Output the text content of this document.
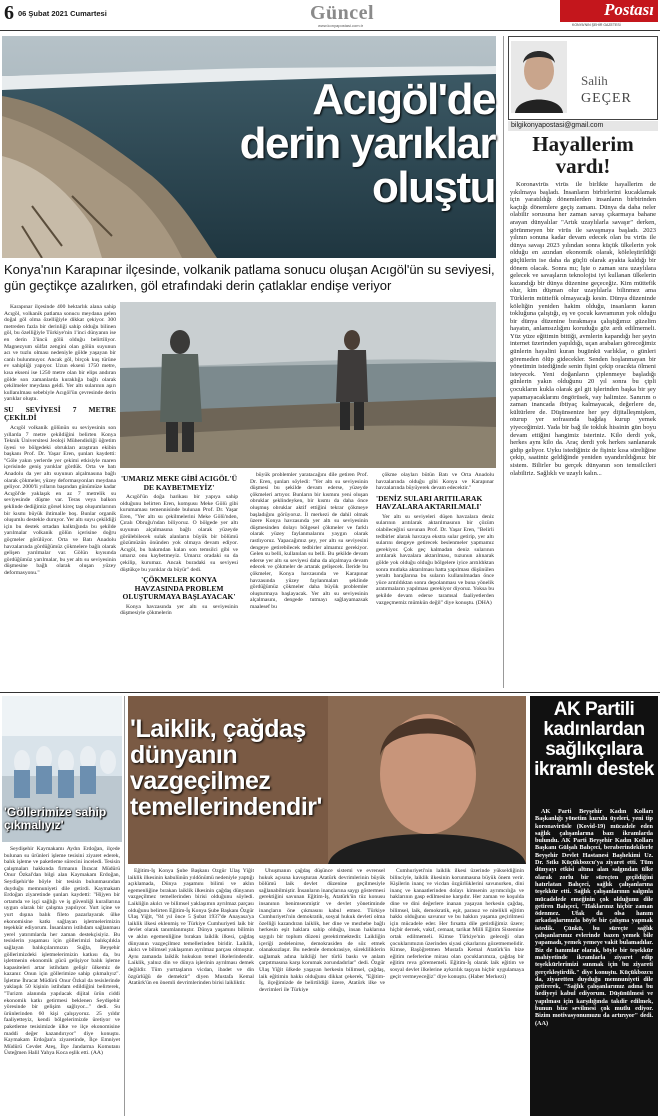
6 06 Şubat 2021 Cumartesi	Güncel
www.konyapostasi.com.tr
Postası
KONYA'NIN ŞEHİR GAZETESİ
Acıgöl'de
derin yarıklar
oluştu
Konya'nın Karapınar ilçesinde, volkanik patlama sonucu oluşan Acıgöl'ün su seviyesi, gün geçtikçe azalırken, göl etrafındaki derin çatlaklar endişe veriyor

Karapınar ilçesinde 400 hektarlık alana sahip Acıgöl, volkanik patlama sonucu meydana gelen doğal göl olma özelliğiyle dikkat çekiyor. 300 metreden fazla bir derinliği sahip olduğu bilinen göl, bu özelliğiyle Türkiye'nin 1'inci dünyanın ise en derin 3'üncü gölü olduğu belirtiliyor. Magnezyum sülfat zengini olan gölün suyunun acı ve tuzlu olması nedeniyle gölde yaşayan bir canlı bulunmuyor. Ancak göl, birçok kuş türüne ev sahipliği yapıyor. Uzun ekseni 1750 metre, kısa ekseni ise 1250 metre olan bir elips andıran gölde son zamanlarda kuraklığa bağlı olarak çekilmeler meydana geldi. Yer altı sularının aşırı kullanılması sebebiyle Acıgöl'ün çevresinde derin yarıklar oluştu.

SU SEVİYESİ 7 METRE ÇEKİLDİ

Acıgöl volkanik gölünün su seviyesinin son yıllarda 7 metre çekildiğini belirten Konya Teknik Üniversitesi Jeoloji Mühendisliği öğretim üyesi ve bölgedeki obrukları araştıran ekibin başkanı Prof. Dr. Yaşar Eren, şunları kaydetti: "Göle yakın yerlerde yer çekimi etkisiyle maren içerisinde geniş yarıklar gördük. Orta ve batı Anadolu da yer altı suyunun alçalmasına bağlı olarak çökmeler, yüzey deformasyonları meydana geliyor. 2000'li yılların başından günümüze kadar Acıgöl'de yaklaşık en az 7 metrelik su seviyesinde düşme var. Teras veya balkon şeklinde dediğimiz görsel kireç taşı oluşumlarının bir kısmı büyük ihtimalle boş. Bunlar organik oluşumlu destekle duruyor. Yer altı suyu çekildiği için bu destek ortadan kalktığında bu şekilde yarılmalar volkanik gölün içerisine doğru göçmeler görülüyor. Orta ve Batı Anadolu havzalarında gördüğümüz çökmelere bağlı olarak gelişen yarılmalar var. Gölün kıyısında gördüğümüz yarılmalar, bu yer altı su seviyesinin düşmesine bağlı olarak oluşan yüzey deformasyonu."

'UMARIZ MEKE GİBİ ACIGÖL'Ü DE KAYBETMEYİZ'

Acıgöl'ün doğa harikası bir yapıya sahip olduğunu belirten Eren, komşusu Meke Gölü gibi kurumaması temennisinde bulunan Prof. Dr. Yaşar Eren, "Yer altı su çekilmelerini Meke Gölü'nden, Çıralı Obruğu'ndan biliyoruz. O bölgede yer altı suyunun alçalmasına bağlı olarak yüzeyde görülebilecek sulak alanların büyük bir bölümü gözümüzün önünden yok olmaya devam ediyor. Acıgöl, bu bakımdan kalan son temsilci gibi ve umarız onu kaybetmeyiz. Umarız oradaki su da çekilip, kurumaz. Ancak buradaki su seviyesi düştükçe bu yarıklar da büyür" dedi.

'ÇÖKMELER KONYA HAVZASINDA PROBLEM OLUŞTURMAYA BAŞLAYACAK'

Konya havzasında yer altı su seviyesinin düşmesiyle çökmelerin

büyük problemler yaratacağını dile getiren Prof. Dr. Eren, şunları söyledi: "Yer altı su seviyesinin düşmesi bu şekilde devam ederse, yüzeyde çökmeleri artıyor. Bunların bir kısmını yeni oluşan obruklar şeklindeyken, bir kısmı da daha önce oluşmuş obruklar aktif ettiğini tekrar çökmeye başladığını görüyoruz. İl merkezi de dahil olmak üzere Konya havzasında yer altı su seviyesinin düşmesinden dolayı bölgesel çökmeler ve farklı olarak yüzey faylanmalarını yaygın olarak rastlıyoruz. Yapacağımız şey, yer altı su seviyesini dengeye getirebilecek tedbirler almamız gerekiyor. Gelen su belli, kullanılan su belli. Bu şekilde devam ederse yer altı su seviyesi daha da alçalmaya devam edecek ve çökmeler de artarak gelişecek. İleride bu çökmeler, Konya havzasında ve Karapınar havzasında yüzey faylanmaları şeklinde gördüğümüz çökmeler daha büyük problemler oluşturmaya başlayacak. Yer altı su seviyesinin alçalmasını, dengede tutmayı sağlayamazsak maalesef bu

çökme olayları bütün Batı ve Orta Anadolu havzalarında olduğu gibi Konya ve Karapınar havzalarında büyüyerek devam edecektir."

'DENİZ SULARI ARITILARAK HAVZALARA AKTARILMALI'

Yer altı su seviyeleri düşen havzalara deniz sularının arıtılarak aktarılmasının bir çözüm olabileceğini savunan Prof. Dr. Yaşar Eren, "Belirli tedbirler alarak havzaya ekstra sular getirip, yer altı sularını dengeye getirecek beslenmeler yapmamız gerekiyor. Çok geç kalmadan deniz sularının arıtılarak havzalara aktarılması, tuzunun alınarak gölde yok olduğu olduğu bölgelere iyice arıtıldıktan sonra mutlaka aktarılması hatta yapılması düşünülen yeraltı barajlarına bu suların kullanılmadan önce yüce arıtıldıktan sonra depolanması ve buna yönelik aratırmaların yapılması gerekiyor diyoruz. Yoksa bu şekilde devam ederse taramsal faaliyetlerden vazgeçmemiz mümkün değil" diye konuştu. (DHA)

Salih
GEÇER
bilgikonyapostasi@gmail.com
Hayallerim vardı!

Koronavirüs virüs ile birlikte hayallerim de yıkılmaya başladı. İnsanların birbirlerini kucaklamak için yaratıldığı dönemlerden insanların birbirinden kaçtığı dönemlere geçiş zamanı. Dünya da daha neler olabilir sorusuna her zaman savaş çıkarmaya bahane arayan dünyalılar "Artık uzaylılarla savaşır" derken, görünmeyen bir virüs ile savaşmaya başladı. 2023 yılının sonuna kadar devam edecek olan bu virüs ile dünya savaşı 2023 yılından sonra küçük ülkelerin yok olduğu en azından ekonomik olarak, köleleştirildiği güçlülerin ise daha da güçlü olarak ayakta kaldığı bir dönem olacak. Sonra mı; İşte o zaman sıra uzaylılara gelecek ve savaşların teknolojisi iyi kullanan ülkelerin kazandığı bir dünya düzenine geçeceğiz. Kim müttefik olur, kim düşman olur uzaylılarla bilinmez ama Türklerin müttefik olmayacağı kesin. Dünya düzeninde köleliğin yeniden hakim olduğu, insanların kanın tokluğuna çalıştığı, eş ve çocuk kavramının yok olduğu bir dünya düzenine bırakmaya çalıştığımız güzelim hayatın, anlamsızlığını koruduğu göz ardı edilmemeli. Yüz yüze eğitimin bittiği, avmlerin kapandığı her şeyin internet üzerinden yapıldığı, uçan arabaları göreceğimiz günlerin hayalini kuran bugünkü varlıklar, o günleri göremeden ölüp gidecekler. Senden hoşlanmayan bir yönetimin istediğinde senin fişini çekip oracıkta ölmeni isteyecek. Yeni doğanların çiplenmeye başladığı günlerin yakın olduğunu 20 yıl sonra bu çipli çocukların kukla olarak gel git işlerinden başka bir şey yapamayacaklarını öngörüsek, vay halimize. Sanırım o zaman inancada ibtiyaç kalmayacak, değerlere de, kültürlere de. Düşünsenize her şey dijitalleşmişken, oturup yer sofrasında bağdaş kurup yemek yiyeceğimizi. Yada bir bağ ile tokluk hissinin gün boyu devam ettiğini hangimiz isteriniz. Kilo derdi yok, herkes aynı kilo da. Araç derdi yok herkes sanlanarak gidip geliyor. Uyku istediğiniz de fişiniz kısa süreliğine çekip, saatiniz geldiğinde yeniden uyandırıldığınız bir sistem. Bilirler bu gerçek dünyanın son temsilcileri olabiliriz. Sağlıklı ve uzaylı kalın...

'Göllerimize sahip çıkmalıyız'

Seydişehir Kaymakamı Aydın Erdoğan, ilçede bulunan su ürünleri işleme tesisini ziyaret ederek, balık işleme ve paketleme sürecini inceledi. Tesisin çalışmaları hakkında firmanın İhracat Müdürü Onur Özkal'dan bilgi alan Kaymakam Erdoğan, Seydişehir'de böyle bir tesisin bulunmasından duyduğu memnuniyeti dile getirdi. Kaymakam Erdoğan ziyaretinde şunları kaydetti: "Hijyen bir ortamda ve işçi sağlığı ve iş güvenliği kurallarına uygun olarak bir çalışma yapılıyor. Yurt içine ve yurt dışına balık fileto pazarlayarak ülke ekonomisine katkı sağlayan işletmelerimizin teşekkür ediyorum. İnsanların istihdam sağlanması yerel yatırımlarda her zaman destekçisiyiz. Bu tesislerin yaşaması için göllerimizi balıkçılıkla sağlayan balıkçılarımızın Suğla, Beyşehir göllerimizdeki işletmelerimizin katkısı da, bu işletmenin ekonomik gücü gelişiyor balık işleme kapasiteleri artar istihdam gelişir ülkemiz de kazanır. Onun için göllerimize sahip çıkmalıyız". İşletme İhracat Müdürü Onur Özkal da tesislerinde yaklaşık 50 kişinin istihdam edildiğini belirterek, "Turizm alanında yapılacak dijital ürün ciddi ekonomik katkı getirmesi beklenen Seydişehir yöresinde bir gelişim sağlıyor..." dedi. Su ürünlerinden 60 kişi çalışıyoruz. 25 yıldır faaliyetteyiz, kendi bölgelerimizde üretiyor ve paketleme tesisimizde ülke ve ilçe ekonomisine maddi değer kazandırıyor" diye konuştu. Kaymakam Erdoğan'a ziyaretinde, İlçe Emniyet Müdürü Cevdet Ateş, İlçe Jandarma Komutanı Üsteğmen Halil Yahya Koca eşlik etti. (AA)

'Laiklik, çağdaş dünyanın vazgeçilmez temellerindendir'

Eğitim-İş Konya Şube Başkanı Özgür Ulaş Yiğit laiklik ilkesinin kabulünün yıldönümü nedeniyle yaptığı açıklamada, Dünya yaşamını bilimi ve aklın egemenliğine bırakan laiklik ilkesinin çağdaş dünyanın vazgeçilmez temellerinden birisi olduğunu söyledi. Laikliğin akılcı ve bilimsel yaklaşımın ayrılmaz parçası olduğunu belirten Eğitim-İş Konya Şube Başkanı Özgür Ulaş Yiğit, "84 yıl önce 5 Şubat 1937'de Anayasa'ya laiklik ilkesi eklenmiş ve Türkiye Cumhuriyeti laik bir devlet olarak tanımlanmıştır. Dünya yaşamını bilimin ve aklın egemenliğine bırakan laiklik ilkesi, çağdaş dünyanın vazgeçilmez temellerinden biridir. Laiklik, akılcı ve bilimsel yaklaşımın ayrılmaz parçası olmuştur. Aynı zamanda laiklik hukukun temel ilkelerindendir. Laiklik, yalnız din ve dünya işlerinin ayrılması demek değildir. Tüm yurttaşların vicdan, ibadet ve din özgürlüğü de demektir" diyen Mustafa Kemal Atatürk'ün en önemli devrimlerinden birisi laikliktir.

Uhuşmanın çağdaş düşünce sistemi ve evrensel hukuk açısına kavuşturan Atatürk devrimlerinin büyük bölümü laik devlet düzenine geçilmesiyle sağlanabilmiştir. İnsanların inançlarına saygı göstermesi gerektiğini savunan Eğitim-İş, Atatürk'ün tüz konusu insanının benimsenmiştir ve devlet yönetiminde inançların öne çıkmasını kabul etmez. Türkiye Cumhuriyeti'nin demokratik, sosyal hukuk devleti olma özelliği kazandıran laiklik, her dine ve mezhebe bağlı herkesin eşit haklara sahip olduğu, insan haklarına saygılı bir toplum düzeni gerektirmektedir. Laikliğin içeriği zedelenirse, demokrasiden de söz etmek olanaksızlaşır. Bu nedenle demokrasiye, sürekliliklerin sağlamak adına laikliği her türlü baskı ve anlam çarpıtmasına karşı korumak zorundadırlar" dedi. Özgür Ulaş Yiğit ülkede yaşayan herkesin bilimsel, çağdaş, laik eğitimin hakkı olduğunu dikkat çekerek, "Eğitim-İş, ilçeğimizde de belirtildiği üzere, Atatürk ilke ve devrimleri ile Türkiye

Cumhuriyeti'nin laiklik ilkesi üzerinde yükseldiğinin bilinciyle, laiklik ilkesinin korunmasına büyük önem verir. Kişilerin inanç ve vicdan özgürlüklerini savunurken, dini inanç ve kanaatlerinden dolayı kimsenin ayrımcılığa ve haklarının gasp edilmesine karşıdır. Her zaman ve koşulda dine ve dini değerlere inanan yaşayan herkesin çağdaş, bilimsel, laik, demokratik, eşit, parasız ve nitelikli eğitim hakkı olduğunu savunur ve bu hakkın yaşama geçirilmesi için mücadele eder. Her fırsatta dile getirdiğimiz üzere; hiçbir dernek, vakıf, cemaat, tarikat Milli Eğitim Sistemine ortak edilmemeli. Kimse Türkiye'nin geleceği olan çocuklarımızın üzerinden siyasi çıkarlarını gözetmemelidir. Kimse, Başöğretmen Mustafa Kemal Atatürk'ün bize eğitim neferlerine mirası olan çocuklarımıza, çağdaş bir eğitim reva görememeli. Eğitim-İş olarak laik eğitim ve sosyal devlet ilkelerine aykırılık taşıyan hiçbir uygulamaya geçit vermeyeceğiz" diye konuştu. (Haber Merkezi)

AK Partili kadınlardan sağlıkçılara ikramlı destek

AK Parti Beyşehir Kadın Kolları Başkanlığı yönetim kurulu üyeleri, yeni tip koronavirüsle (Kovid-19) mücadele eden sağlık çalışanlarına bazı ikramlarda bulundu. AK Parti Beyşehir Kadın Kolları Başkanı Gülşah Bahçeci, beraberindekilerle Beyşehir Devlet Hastanesi Başhekimi Uz. Dr. Sıtkı Küçükbozcu'ya ziyaret etti. Tüm dünyayı etkisi altına alan salgından ülke olarak zorlu bir süreçten geçildiğini hatırlatan Bahçeci, sağlık çalışanlarına teşekkür etti. Sağlık çalışanlarının salgınla mücadelede emeğinin çok olduğunu dile getiren Bahçeci, "Haklarınız hiçbir zaman ödenmez. Ufak da olsa hanım arkadaşlarımızla böyle bir çalışma yapmak istedik. Çünkü, bu süreçte sağlık çalışanlarımız evlerinde bazen yemek bile yapamadı, yemek yemeye vakit bulamadılar. Biz de hanımlar olarak, böyle bir teşekkür mahiyetinde ikramlarla ziyaret edip teşekkürlerimizi sunmak için bu ziyareti gerçekleştirdik." diye konuştu. Küçükbozcu da, ziyaretten duyduğu memnuniyeti dile getirerek, "Sağlık çalışanlarımız adına bu hediyeyi kabul ediyorum. Düşünülmesi ve yapılması için karşılığında takdir edilmek, bunun bize sevilmesi çok mutlu ediyor. Bizim motivasyonumuzu da artırıyor" dedi. (AA)
